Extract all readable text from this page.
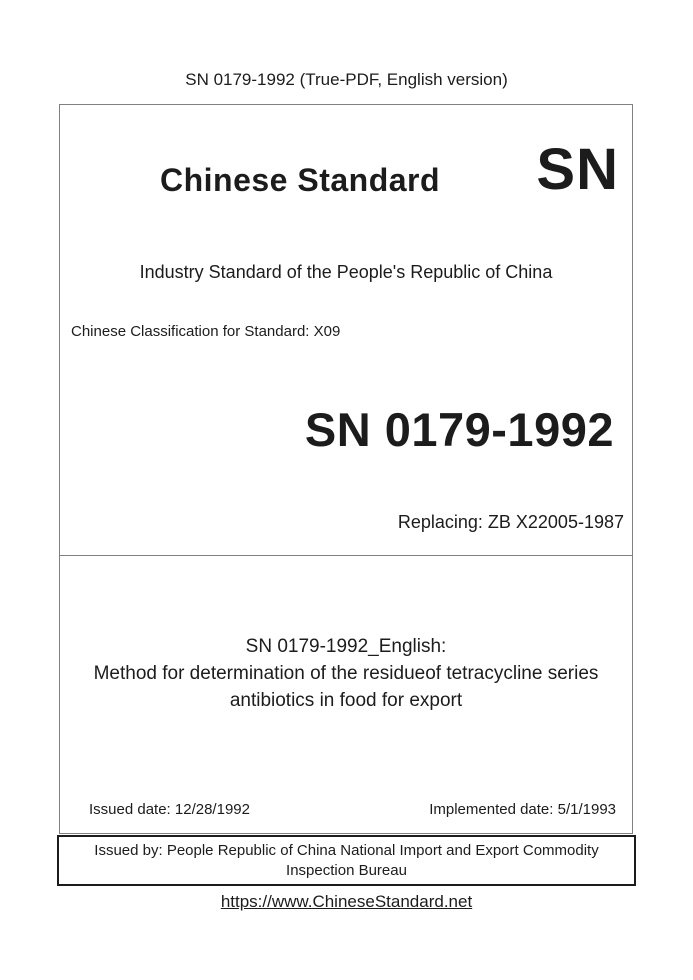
SN 0179-1992 (True-PDF, English version)
Chinese Standard	SN
Industry Standard of the People's Republic of China
Chinese Classification for Standard: X09
SN 0179-1992
Replacing: ZB X22005-1987
SN 0179-1992_English:
Method for determination of the residueof tetracycline series
antibiotics in food for export
Issued date: 12/28/1992	Implemented date: 5/1/1993
Issued by: People Republic of China National Import and Export Commodity Inspection Bureau
https://www.ChineseStandard.net
